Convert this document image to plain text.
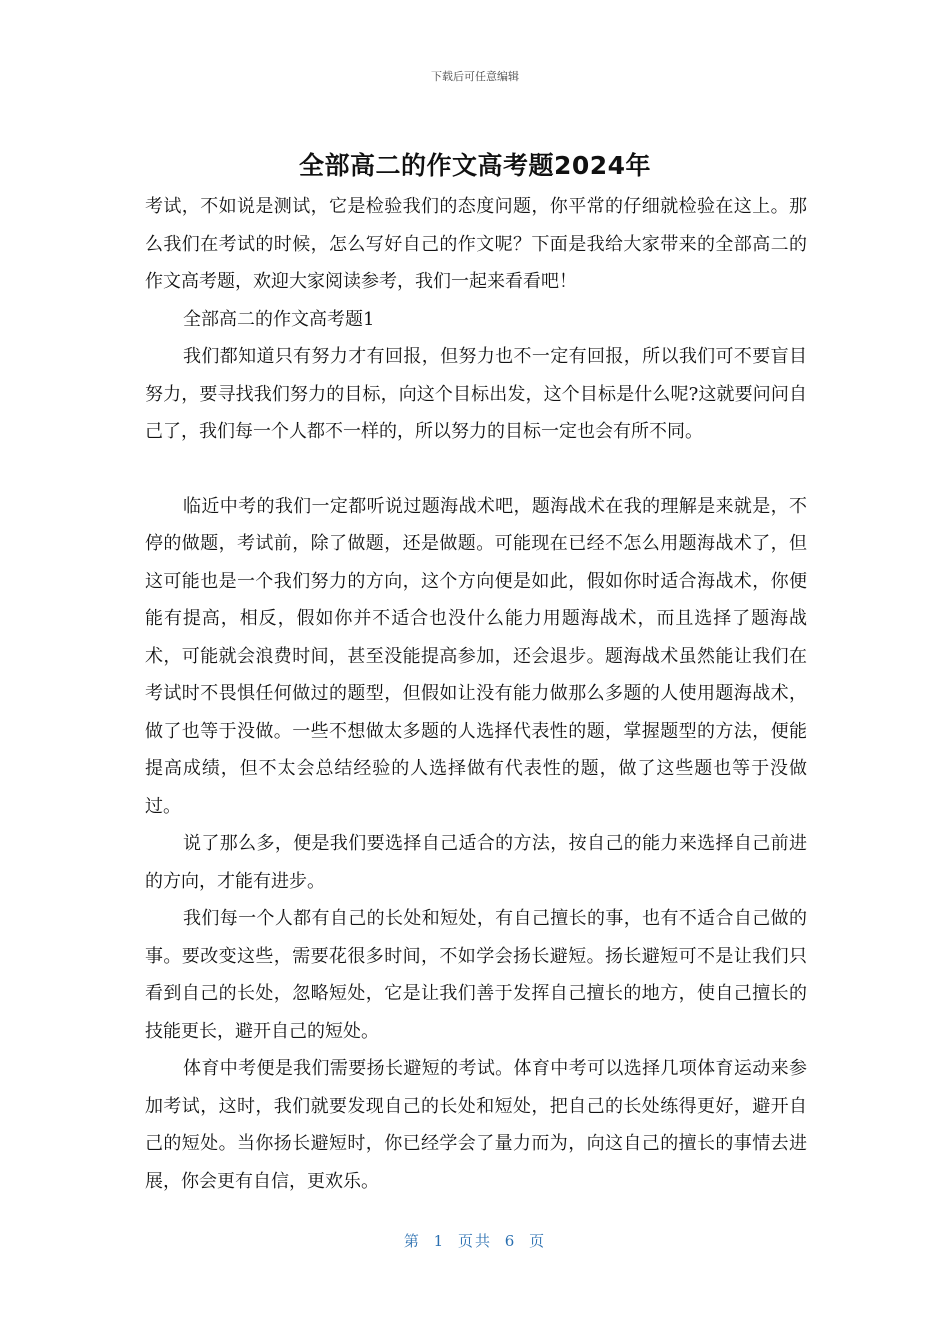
下载后可任意编辑
全部高二的作文高考题2024年

考试，不如说是测试，它是检验我们的态度问题，你平常的仔细就检验在这上。那么我们在考试的时候，怎么写好自己的作文呢？下面是我给大家带来的全部高二的作文高考题，欢迎大家阅读参考，我们一起来看看吧！

全部高二的作文高考题1

我们都知道只有努力才有回报，但努力也不一定有回报，所以我们可不要盲目努力，要寻找我们努力的目标，向这个目标出发，这个目标是什么呢?这就要问问自己了，我们每一个人都不一样的，所以努力的目标一定也会有所不同。

临近中考的我们一定都听说过题海战术吧，题海战术在我的理解是来就是，不停的做题，考试前，除了做题，还是做题。可能现在已经不怎么用题海战术了，但这可能也是一个我们努力的方向，这个方向便是如此，假如你时适合海战术，你便能有提高，相反，假如你并不适合也没什么能力用题海战术，而且选择了题海战术，可能就会浪费时间，甚至没能提高参加，还会退步。题海战术虽然能让我们在考试时不畏惧任何做过的题型，但假如让没有能力做那么多题的人使用题海战术，做了也等于没做。一些不想做太多题的人选择代表性的题，掌握题型的方法，便能提高成绩，但不太会总结经验的人选择做有代表性的题，做了这些题也等于没做过。

说了那么多，便是我们要选择自己适合的方法，按自己的能力来选择自己前进的方向，才能有进步。

我们每一个人都有自己的长处和短处，有自己擅长的事，也有不适合自己做的事。要改变这些，需要花很多时间，不如学会扬长避短。扬长避短可不是让我们只看到自己的长处，忽略短处，它是让我们善于发挥自己擅长的地方，使自己擅长的技能更长，避开自己的短处。

体育中考便是我们需要扬长避短的考试。体育中考可以选择几项体育运动来参加考试，这时，我们就要发现自己的长处和短处，把自己的长处练得更好，避开自己的短处。当你扬长避短时，你已经学会了量力而为，向这自己的擅长的事情去进展，你会更有自信，更欢乐。

第 1 页共 6 页
